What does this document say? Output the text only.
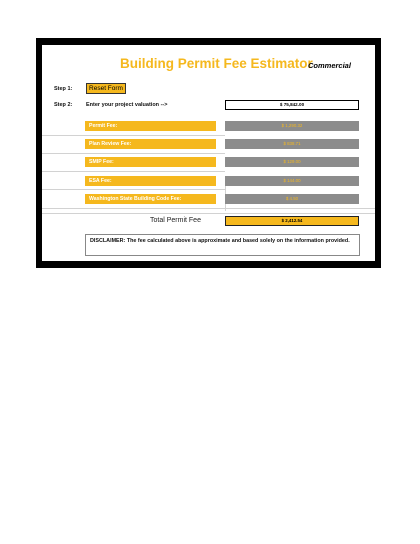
Building Permit Fee Estimator
Commercial
Step 1:	Reset Form
Step 2: Enter your project valuation -->	$ 75,842.00
Permit Fee:	$ 1,290.32
Plan Review Fee:	$ 838.71
SMIP Fee:	$ 129.00
ESA Fee:	$ 144.00
Washington State Building Code Fee:	$ 4.50
Total Permit Fee	$ 2,412.54
DISCLAIMER: The fee calculated above is approximate and based solely on the information provided.
